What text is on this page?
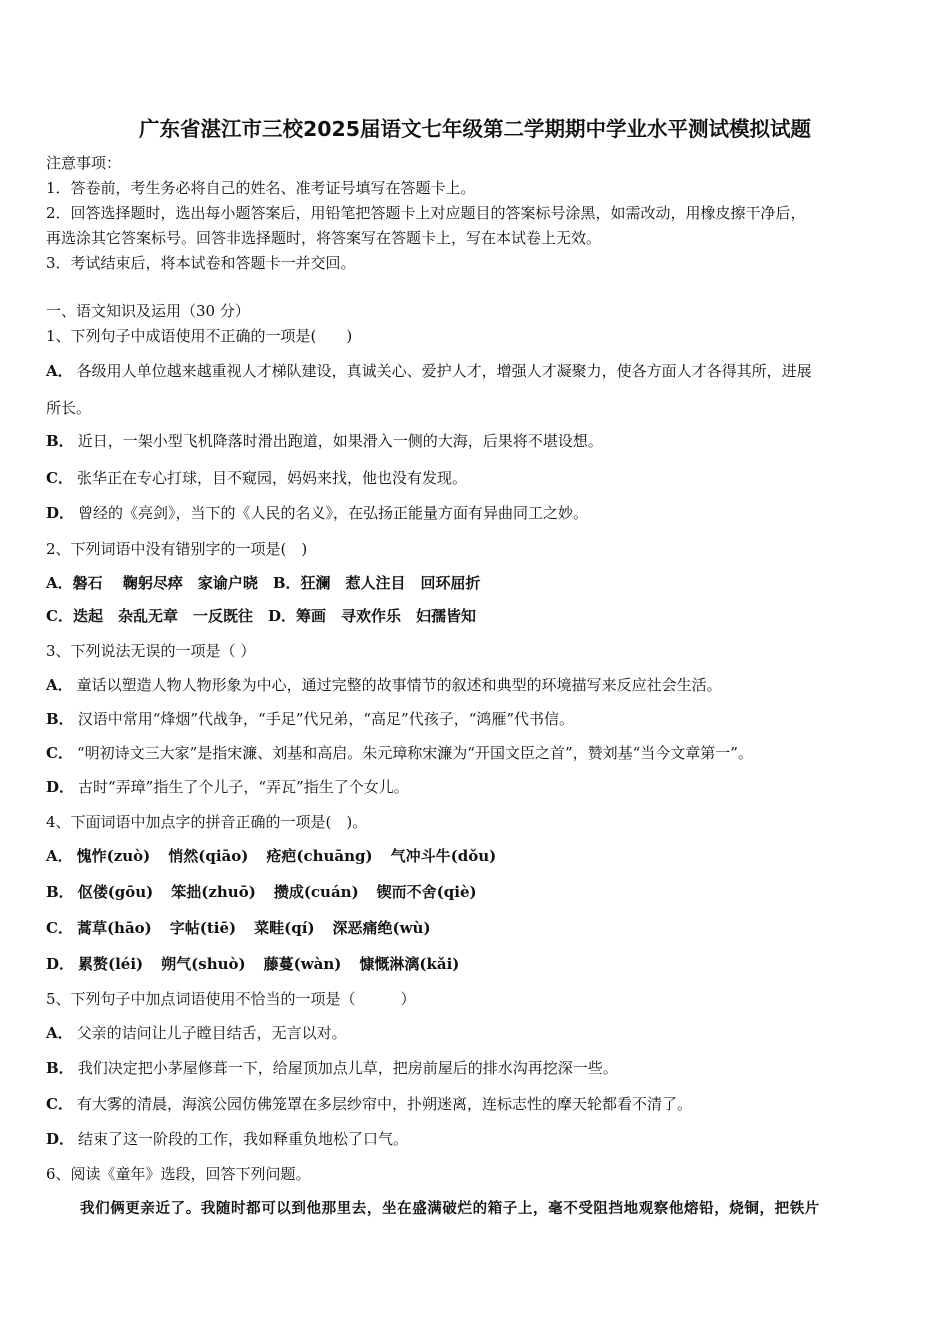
广东省湛江市三校2025届语文七年级第二学期期中学业水平测试模拟试题
注意事项：
1．答卷前，考生务必将自己的姓名、准考证号填写在答题卡上。
2．回答选择题时，选出每小题答案后，用铅笔把答题卡上对应题目的答案标号涂黑，如需改动，用橡皮擦干净后，
再选涂其它答案标号。回答非选择题时，将答案写在答题卡上，写在本试卷上无效。
3．考试结束后，将本试卷和答题卡一并交回。
一、语文知识及运用（30 分）
1、下列句子中成语使用不正确的一项是(　　)
A． 各级用人单位越来越重视人才梯队建设，真诚关心、爱护人才，增强人才凝聚力，使各方面人才各得其所，进展
所长。
B． 近日，一架小型飞机降落时滑出跑道，如果滑入一侧的大海，后果将不堪设想。
C． 张华正在专心打球，目不窥园，妈妈来找，他也没有发现。
D． 曾经的《亮剑》，当下的《人民的名义》，在弘扬正能量方面有异曲同工之妙。
2、下列词语中没有错别字的一项是(　)
A．磐石　 鞠躬尽瘁　家谕户晓　B．狂澜　惹人注目　回环屈折
C．迭起　杂乱无章　一反既往　D．筹画　寻欢作乐　妇孺皆知
3、下列说法无误的一项是（ ）
A． 童话以塑造人物人物形象为中心，通过完整的故事情节的叙述和典型的环境描写来反应社会生活。
B． 汉语中常用“烽烟”代战争，“手足”代兄弟，“高足”代孩子，“鸿雁”代书信。
C． “明初诗文三大家”是指宋濂、刘基和高启。朱元璋称宋濂为“开国文臣之首”，赞刘基“当今文章第一”。
D． 古时“弄璋”指生了个儿子，“弄瓦”指生了个女儿。
4、下面词语中加点字的拼音正确的一项是(　)。
A． 愧怍(zuò) 悄然(qiāo) 疮疤(chuāng) 气冲斗牛(dǒu)
B． 伛偻(gōu) 笨拙(zhuō) 攒成(cuán) 锲而不舍(qiè)
C． 蒿草(hāo) 字帖(tiē) 菜畦(qí) 深恶痛绝(wù)
D． 累赘(léi) 朔气(shuò) 藤蔓(wàn) 慷慨淋漓(kǎi)
5、下列句子中加点词语使用不恰当的一项是（　　　）
A． 父亲的诘问让儿子瞠目结舌，无言以对。
B． 我们决定把小茅屋修葺一下，给屋顶加点儿草，把房前屋后的排水沟再挖深一些。
C． 有大雾的清晨，海滨公园仿佛笼罩在多层纱帘中，扑朔迷离，连标志性的摩天轮都看不清了。
D． 结束了这一阶段的工作，我如释重负地松了口气。
6、阅读《童年》选段，回答下列问题。
我们俩更亲近了。我随时都可以到他那里去，坐在盛满破烂的箱子上，毫不受阻挡地观察他熔铅，烧铜，把铁片
